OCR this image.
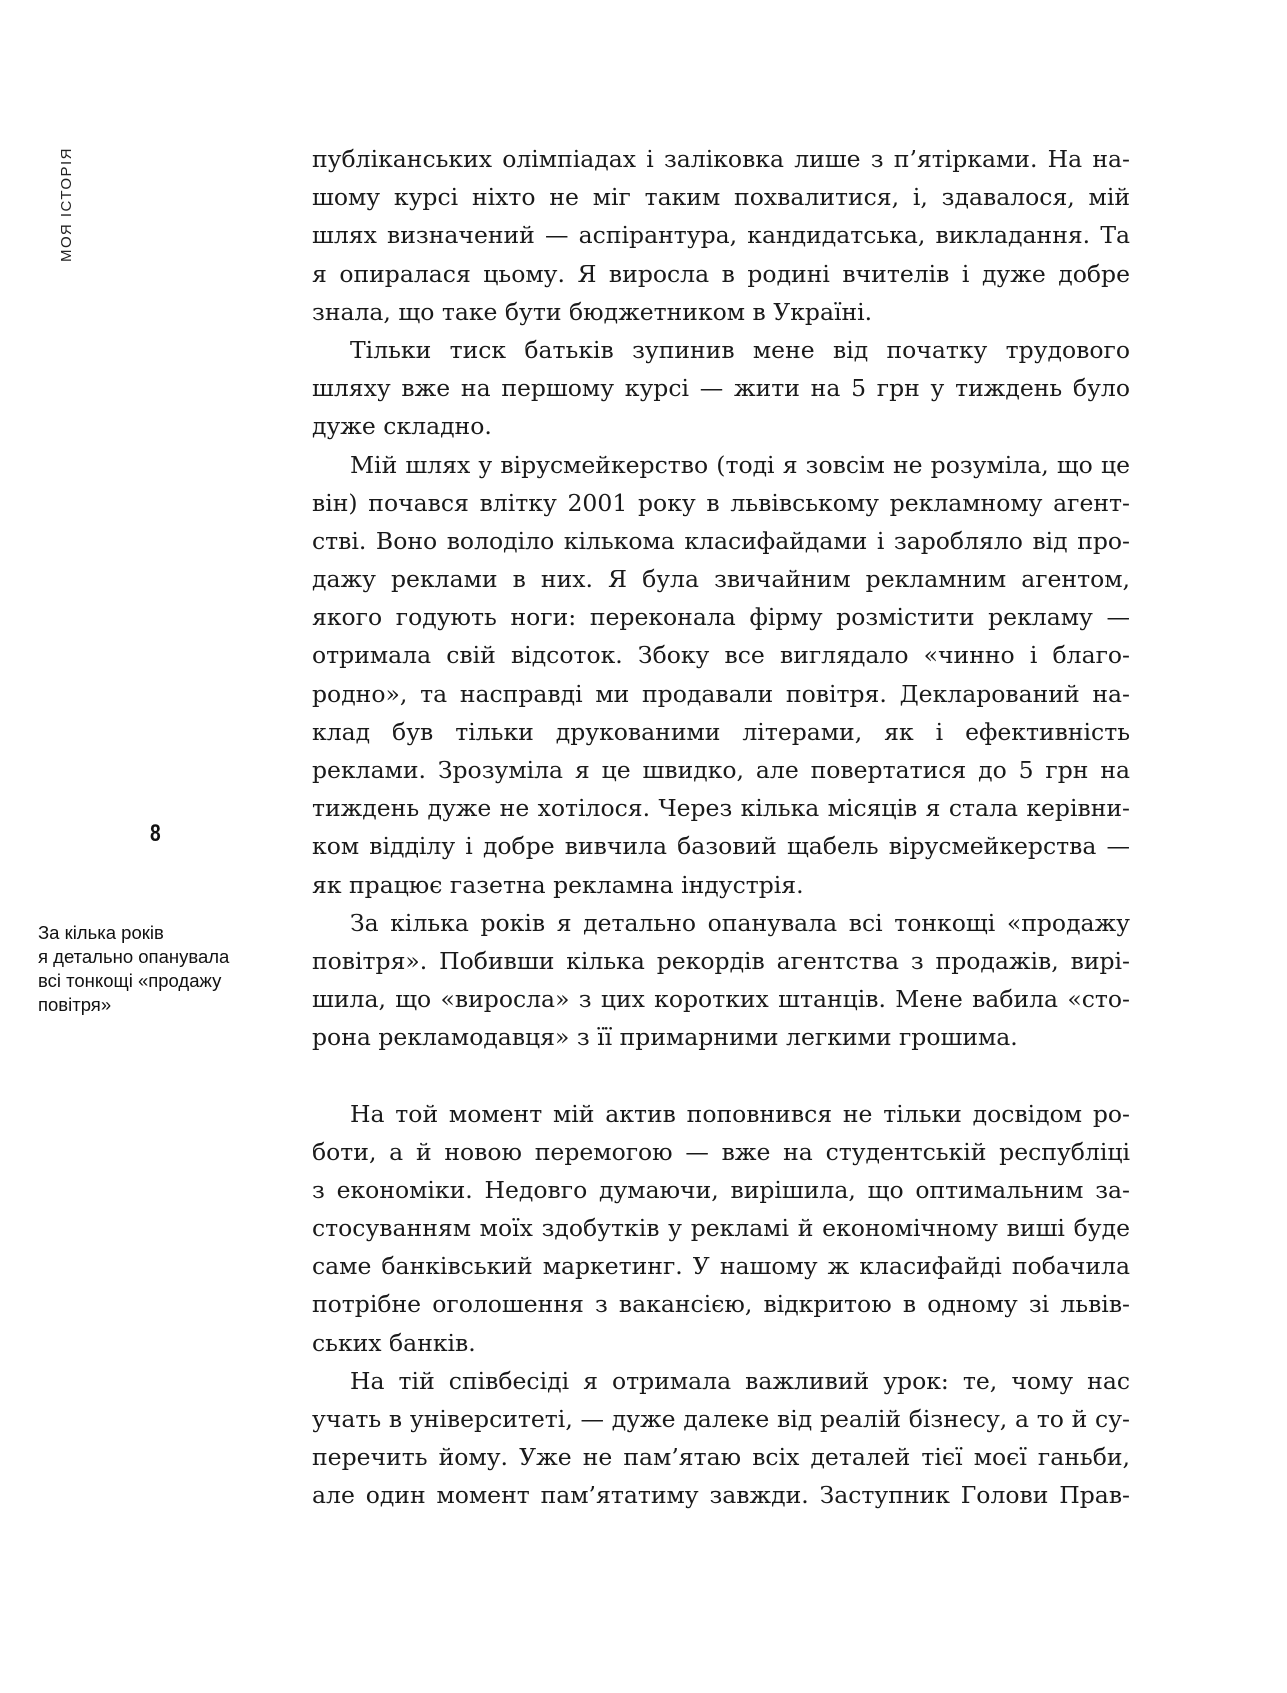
МОЯ ІСТОРІЯ
8
За кілька років
я детально опанувала
всі тонкощі «продажу
повітря»
публіканських олімпіадах і заліковка лише з п’ятірками. На на-
шому курсі ніхто не міг таким похвалитися, і, здавалося, мій
шлях визначений — аспірантура, кандидатська, викладання. Та
я опиралася цьому. Я виросла в родині вчителів і дуже добре
знала, що таке бути бюджетником в Україні.
Тільки тиск батьків зупинив мене від початку трудового
шляху вже на першому курсі — жити на 5 грн у тиждень було
дуже складно.
Мій шлях у вірусмейкерство (тоді я зовсім не розуміла, що це
він) почався влітку 2001 року в львівському рекламному агент-
стві. Воно володіло кількома класифайдами і заробляло від про-
дажу реклами в них. Я була звичайним рекламним агентом,
якого годують ноги: переконала фірму розмістити рекламу —
отримала свій відсоток. Збоку все виглядало «чинно і благо-
родно», та насправді ми продавали повітря. Декларований на-
клад був тільки друкованими літерами, як і ефективність
реклами. Зрозуміла я це швидко, але повертатися до 5 грн на
тиждень дуже не хотілося. Через кілька місяців я стала керівни-
ком відділу і добре вивчила базовий щабель вірусмейкерства —
як працює газетна рекламна індустрія.
За кілька років я детально опанувала всі тонкощі «продажу
повітря». Побивши кілька рекордів агентства з продажів, вирі-
шила, що «виросла» з цих коротких штанців. Мене вабила «сто-
рона рекламодавця» з її примарними легкими грошима.
На той момент мій актив поповнився не тільки досвідом ро-
боти, а й новою перемогою — вже на студентській республіці
з економіки. Недовго думаючи, вирішила, що оптимальним за-
стосуванням моїх здобутків у рекламі й економічному виші буде
саме банківський маркетинг. У нашому ж класифайді побачила
потрібне оголошення з вакансією, відкритою в одному зі львів-
ських банків.
На тій співбесіді я отримала важливий урок: те, чому нас
учать в університеті, — дуже далеке від реалій бізнесу, а то й су-
перечить йому. Уже не пам’ятаю всіх деталей тієї моєї ганьби,
але один момент пам’ятатиму завжди. Заступник Голови Прав-
